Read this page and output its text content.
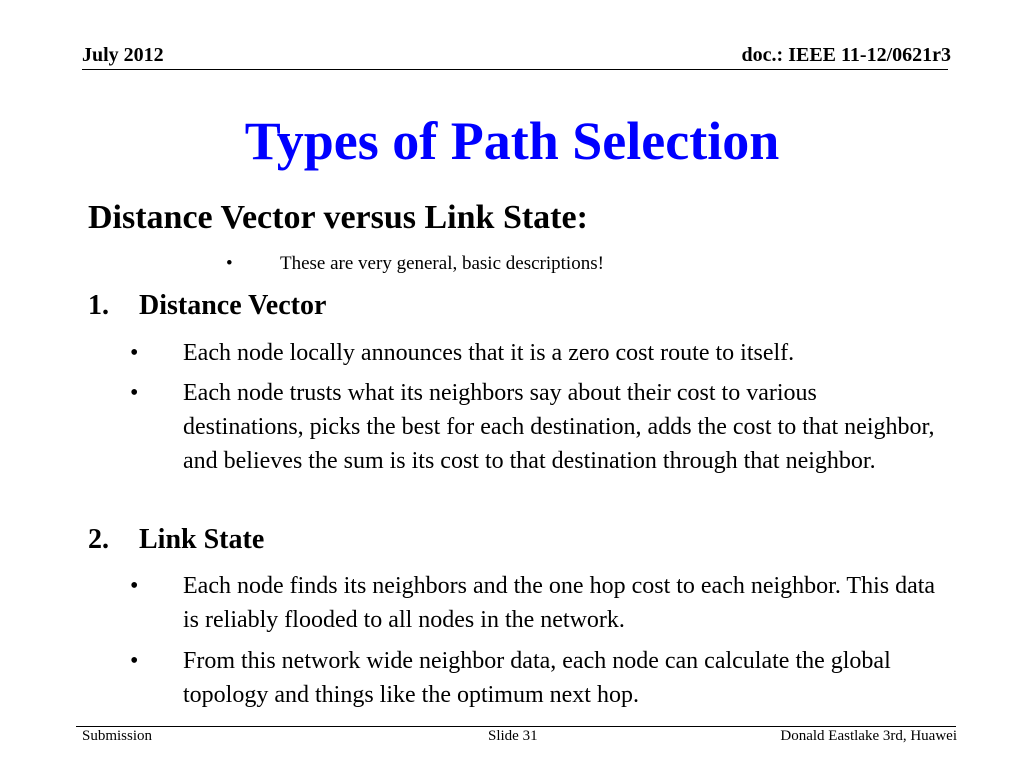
July 2012	doc.: IEEE 11-12/0621r3
Types of Path Selection
Distance Vector versus Link State:
• These are very general, basic descriptions!
1. Distance Vector
• Each node locally announces that it is a zero cost route to itself.
• Each node trusts what its neighbors say about their cost to various destinations, picks the best for each destination, adds the cost to that neighbor, and believes the sum is its cost to that destination through that neighbor.
2. Link State
• Each node finds its neighbors and the one hop cost to each neighbor. This data is reliably flooded to all nodes in the network.
• From this network wide neighbor data, each node can calculate the global topology and things like the optimum next hop.
Submission	Slide 31	Donald Eastlake 3rd, Huawei
